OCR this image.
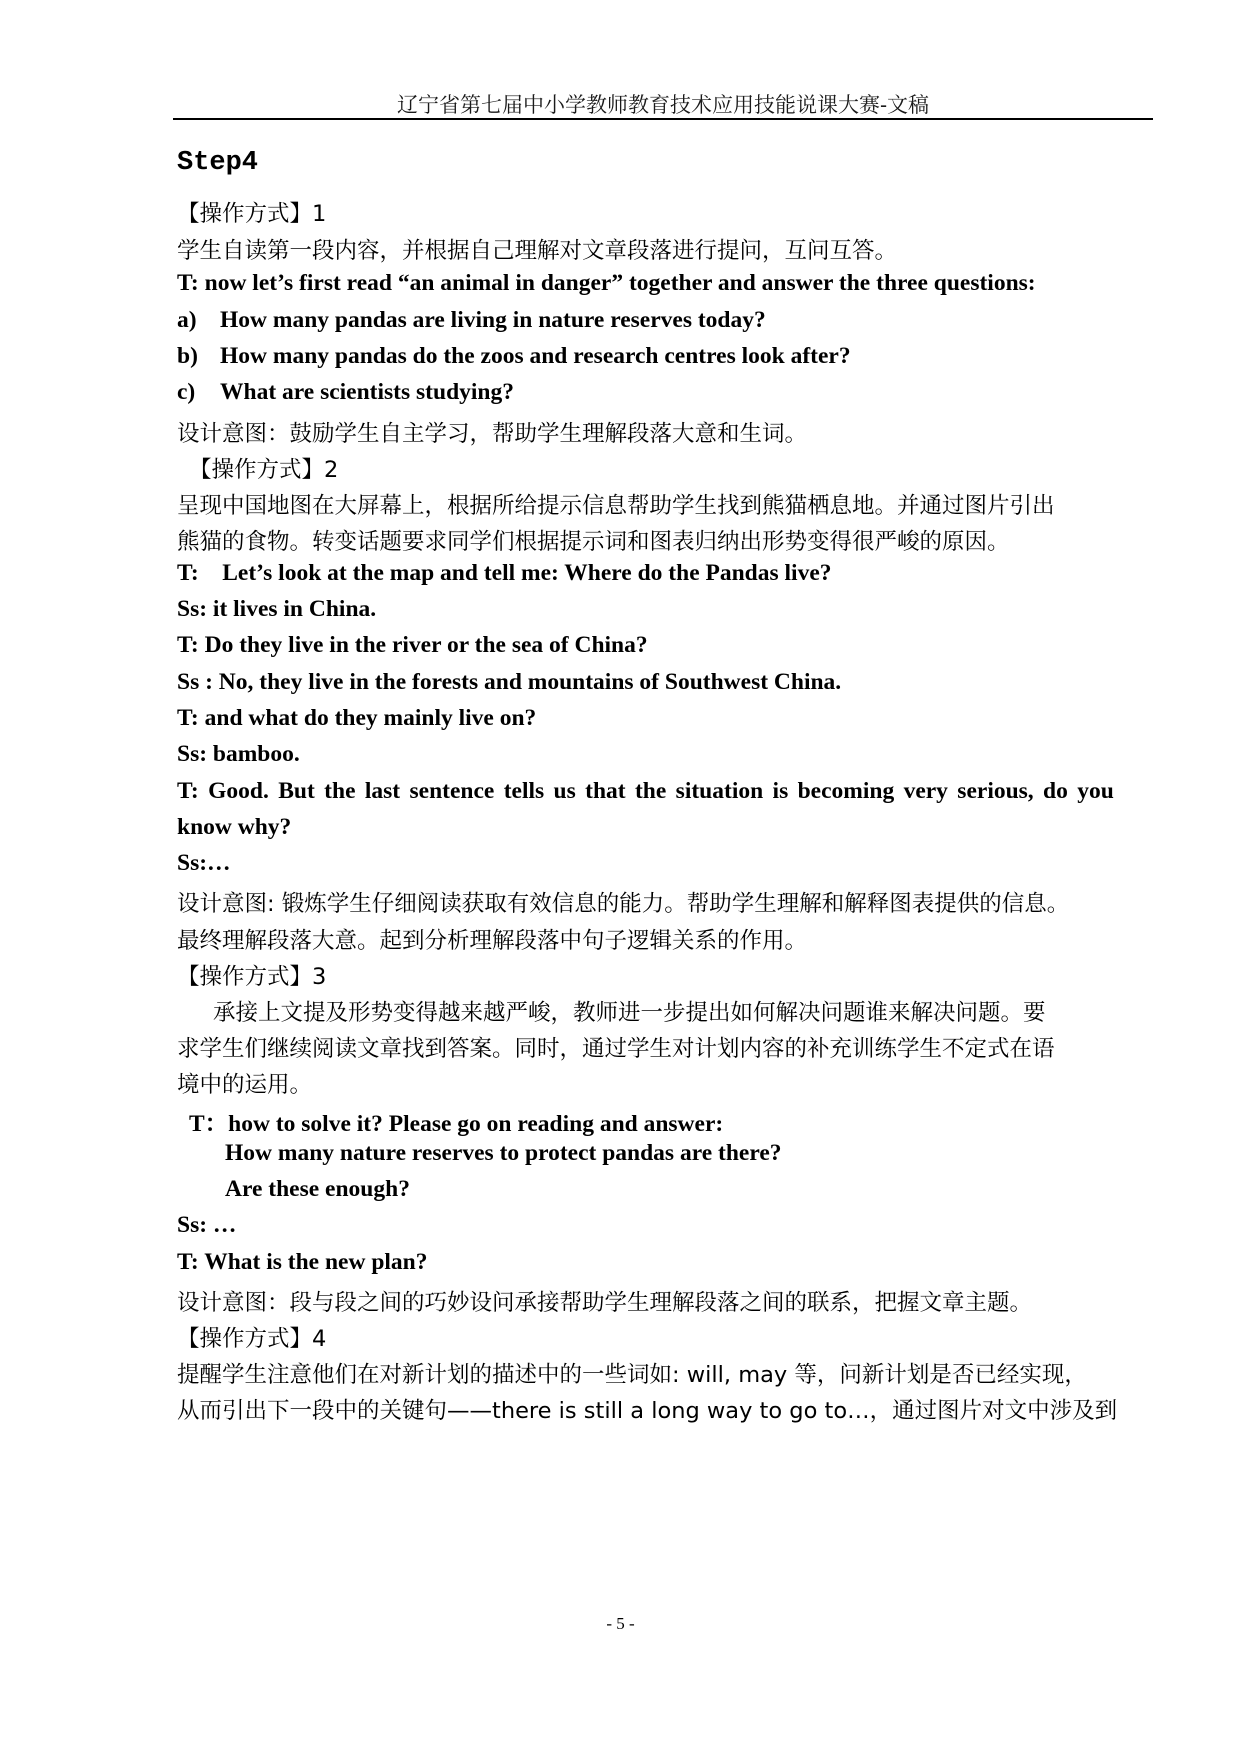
辽宁省第七届中小学教师教育技术应用技能说课大赛-文稿
Step4
【操作方式】1
学生自读第一段内容，并根据自己理解对文章段落进行提问，互问互答。
T: now let’s first read “an animal in danger” together and answer the three questions:
a) How many pandas are living in nature reserves today?
b) How many pandas do the zoos and research centres look after?
c) What are scientists studying?
设计意图：鼓励学生自主学习，帮助学生理解段落大意和生词。
【操作方式】2
呈现中国地图在大屏幕上，根据所给提示信息帮助学生找到熊猫栖息地。并通过图片引出
熊猫的食物。转变话题要求同学们根据提示词和图表归纳出形势变得很严峻的原因。
T:    Let’s look at the map and tell me: Where do the Pandas live?
Ss: it lives in China.
T: Do they live in the river or the sea of China?
Ss : No, they live in the forests and mountains of Southwest China.
T: and what do they mainly live on?
Ss: bamboo.
T: Good. But the last sentence tells us that the situation is becoming very serious, do you
know why?
Ss:…
设计意图: 锻炼学生仔细阅读获取有效信息的能力。帮助学生理解和解释图表提供的信息。
最终理解段落大意。起到分析理解段落中句子逻辑关系的作用。
【操作方式】3
承接上文提及形势变得越来越严峻，教师进一步提出如何解决问题谁来解决问题。要
求学生们继续阅读文章找到答案。同时，通过学生对计划内容的补充训练学生不定式在语
境中的运用。
T：how to solve it? Please go on reading and answer:
How many nature reserves to protect pandas are there?
Are these enough?
Ss: …
T: What is the new plan?
设计意图：段与段之间的巧妙设问承接帮助学生理解段落之间的联系，把握文章主题。
【操作方式】4
提醒学生注意他们在对新计划的描述中的一些词如: will, may 等，问新计划是否已经实现，
从而引出下一段中的关键句——there is still a long way to go to…，通过图片对文中涉及到
- 5 -
